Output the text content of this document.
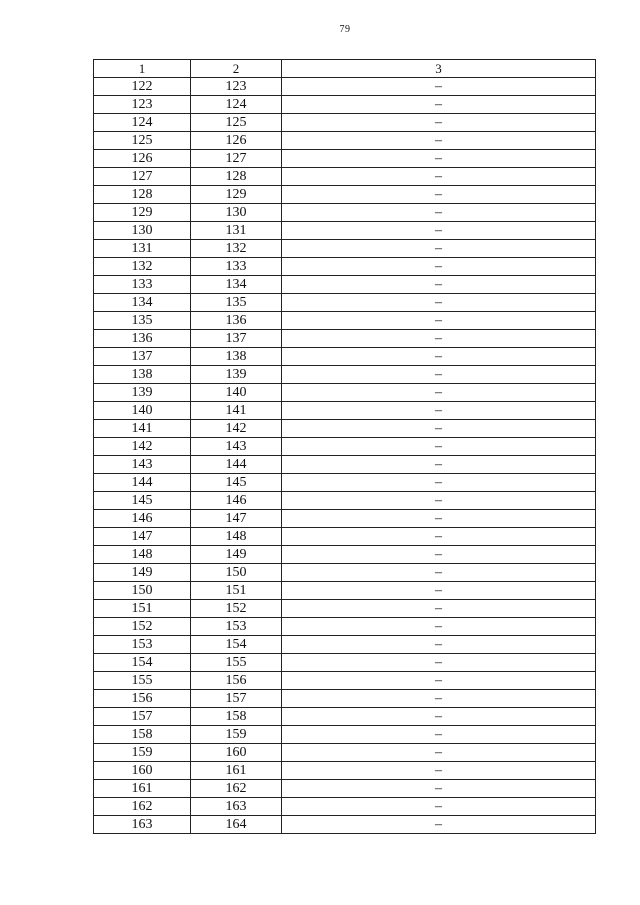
79
1	2	3
122	123	–
123	124	–
124	125	–
125	126	–
126	127	–
127	128	–
128	129	–
129	130	–
130	131	–
131	132	–
132	133	–
133	134	–
134	135	–
135	136	–
136	137	–
137	138	–
138	139	–
139	140	–
140	141	–
141	142	–
142	143	–
143	144	–
144	145	–
145	146	–
146	147	–
147	148	–
148	149	–
149	150	–
150	151	–
151	152	–
152	153	–
153	154	–
154	155	–
155	156	–
156	157	–
157	158	–
158	159	–
159	160	–
160	161	–
161	162	–
162	163	–
163	164	–
